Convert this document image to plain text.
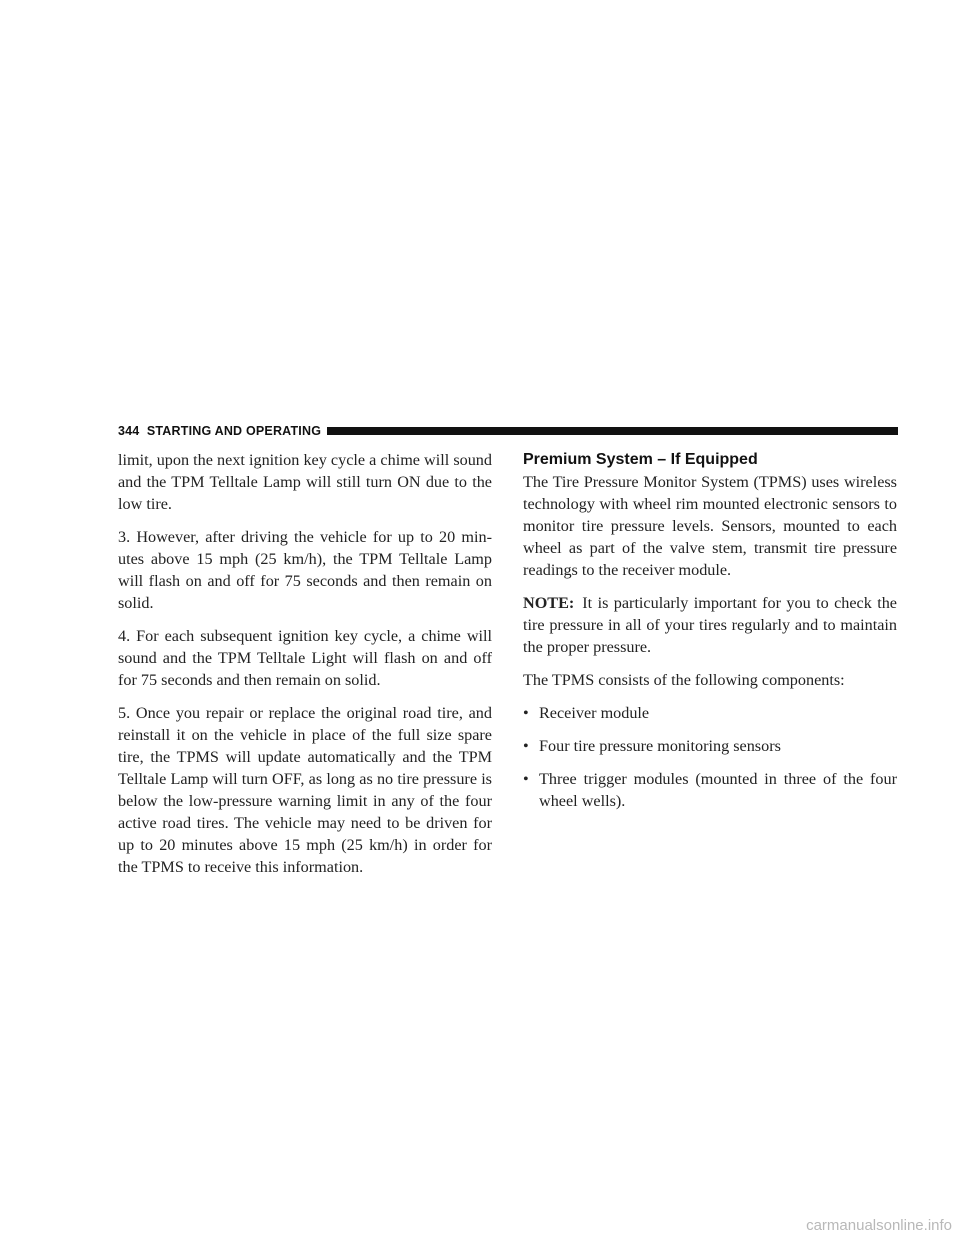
344 STARTING AND OPERATING

limit, upon the next ignition key cycle a chime will sound and the TPM Telltale Lamp will still turn ON due to the low tire.

3. However, after driving the vehicle for up to 20 min- utes above 15 mph (25 km/h), the TPM Telltale Lamp will flash on and off for 75 seconds and then remain on solid.

4. For each subsequent ignition key cycle, a chime will sound and the TPM Telltale Light will flash on and off for 75 seconds and then remain on solid.

5. Once you repair or replace the original road tire, and reinstall it on the vehicle in place of the full size spare tire, the TPMS will update automatically and the TPM Telltale Lamp will turn OFF, as long as no tire pressure is below the low-pressure warning limit in any of the four active road tires. The vehicle may need to be driven for up to 20 minutes above 15 mph (25 km/h) in order for the TPMS to receive this information.

Premium System – If Equipped

The Tire Pressure Monitor System (TPMS) uses wireless technology with wheel rim mounted electronic sensors to monitor tire pressure levels. Sensors, mounted to each wheel as part of the valve stem, transmit tire pressure readings to the receiver module.

NOTE: It is particularly important for you to check the tire pressure in all of your tires regularly and to maintain the proper pressure.

The TPMS consists of the following components:

• Receiver module
• Four tire pressure monitoring sensors
• Three trigger modules (mounted in three of the four wheel wells).
carmanualsonline.info
